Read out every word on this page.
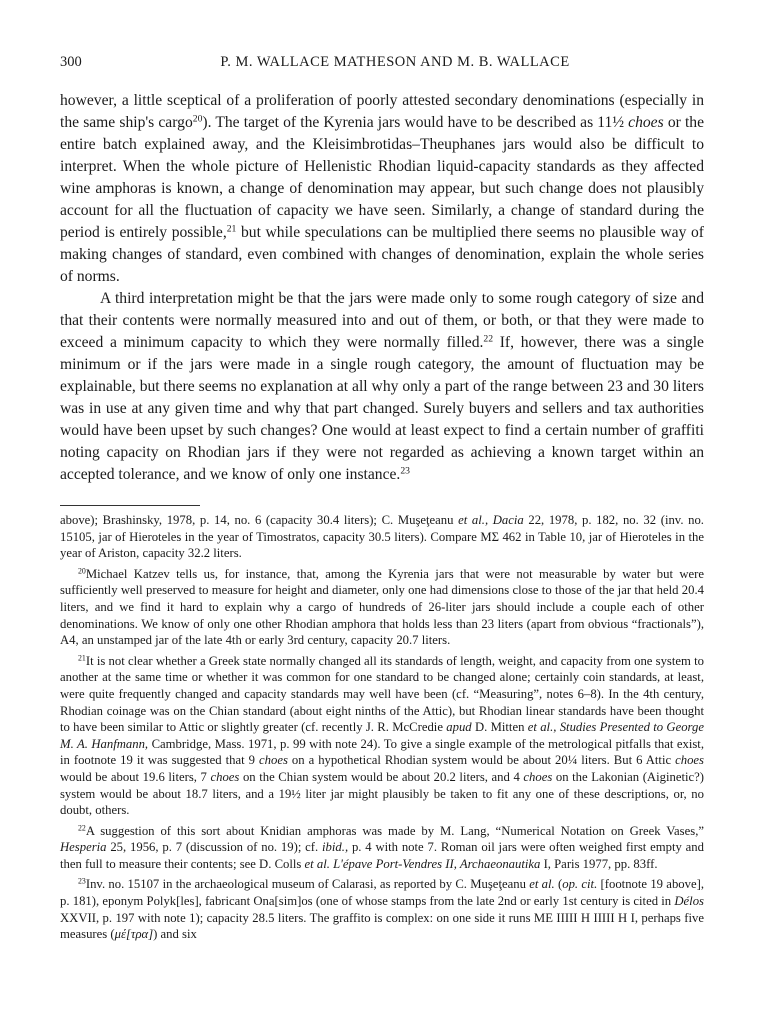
300	P. M. WALLACE MATHESON AND M. B. WALLACE

however, a little sceptical of a proliferation of poorly attested secondary denominations (especially in the same ship's cargo$^{20}$). The target of the Kyrenia jars would have to be described as 11½ choes or the entire batch explained away, and the Kleisimbrotidas–Theuphanes jars would also be difficult to interpret. When the whole picture of Hellenistic Rhodian liquid-capacity standards as they affected wine amphoras is known, a change of denomination may appear, but such change does not plausibly account for all the fluctuation of capacity we have seen. Similarly, a change of standard during the period is entirely possible,$^{21}$ but while speculations can be multiplied there seems no plausible way of making changes of standard, even combined with changes of denomination, explain the whole series of norms.

A third interpretation might be that the jars were made only to some rough category of size and that their contents were normally measured into and out of them, or both, or that they were made to exceed a minimum capacity to which they were normally filled.$^{22}$ If, however, there was a single minimum or if the jars were made in a single rough category, the amount of fluctuation may be explainable, but there seems no explanation at all why only a part of the range between 23 and 30 liters was in use at any given time and why that part changed. Surely buyers and sellers and tax authorities would have been upset by such changes? One would at least expect to find a certain number of graffiti noting capacity on Rhodian jars if they were not regarded as achieving a known target within an accepted tolerance, and we know of only one instance.$^{23}$

above); Brashinsky, 1978, p. 14, no. 6 (capacity 30.4 liters); C. Muşeţeanu et al., Dacia 22, 1978, p. 182, no. 32 (inv. no. 15105, jar of Hieroteles in the year of Timostratos, capacity 30.5 liters). Compare ΜΣ 462 in Table 10, jar of Hieroteles in the year of Ariston, capacity 32.2 liters.

$^{20}$Michael Katzev tells us, for instance, that, among the Kyrenia jars that were not measurable by water but were sufficiently well preserved to measure for height and diameter, only one had dimensions close to those of the jar that held 20.4 liters, and we find it hard to explain why a cargo of hundreds of 26-liter jars should include a couple each of other denominations. We know of only one other Rhodian amphora that holds less than 23 liters (apart from obvious “fractionals”), A4, an unstamped jar of the late 4th or early 3rd century, capacity 20.7 liters.

$^{21}$It is not clear whether a Greek state normally changed all its standards of length, weight, and capacity from one system to another at the same time or whether it was common for one standard to be changed alone; certainly coin standards, at least, were quite frequently changed and capacity standards may well have been (cf. “Measuring”, notes 6–8). In the 4th century, Rhodian coinage was on the Chian standard (about eight ninths of the Attic), but Rhodian linear standards have been thought to have been similar to Attic or slightly greater (cf. recently J. R. McCredie apud D. Mitten et al., Studies Presented to George M. A. Hanfmann, Cambridge, Mass. 1971, p. 99 with note 24). To give a single example of the metrological pitfalls that exist, in footnote 19 it was suggested that 9 choes on a hypothetical Rhodian system would be about 20¼ liters. But 6 Attic choes would be about 19.6 liters, 7 choes on the Chian system would be about 20.2 liters, and 4 choes on the Lakonian (Aiginetic?) system would be about 18.7 liters, and a 19½ liter jar might plausibly be taken to fit any one of these descriptions, or, no doubt, others.

$^{22}$A suggestion of this sort about Knidian amphoras was made by M. Lang, “Numerical Notation on Greek Vases,” Hesperia 25, 1956, p. 7 (discussion of no. 19); cf. ibid., p. 4 with note 7. Roman oil jars were often weighed first empty and then full to measure their contents; see D. Colls et al. L'épave Port-Vendres II, Archaeonautika I, Paris 1977, pp. 83ff.

$^{23}$Inv. no. 15107 in the archaeological museum of Calarasi, as reported by C. Muşeţeanu et al. (op. cit. [footnote 19 above], p. 181), eponym Polyk[les], fabricant Ona[sim]os (one of whose stamps from the late 2nd or early 1st century is cited in Délos XXVII, p. 197 with note 1); capacity 28.5 liters. The graffito is complex: on one side it runs ΜΕ ΙΙΙΙΙ Η ΙΙΙΙΙ Η Ι, perhaps five measures (μέ[τρα]) and six
